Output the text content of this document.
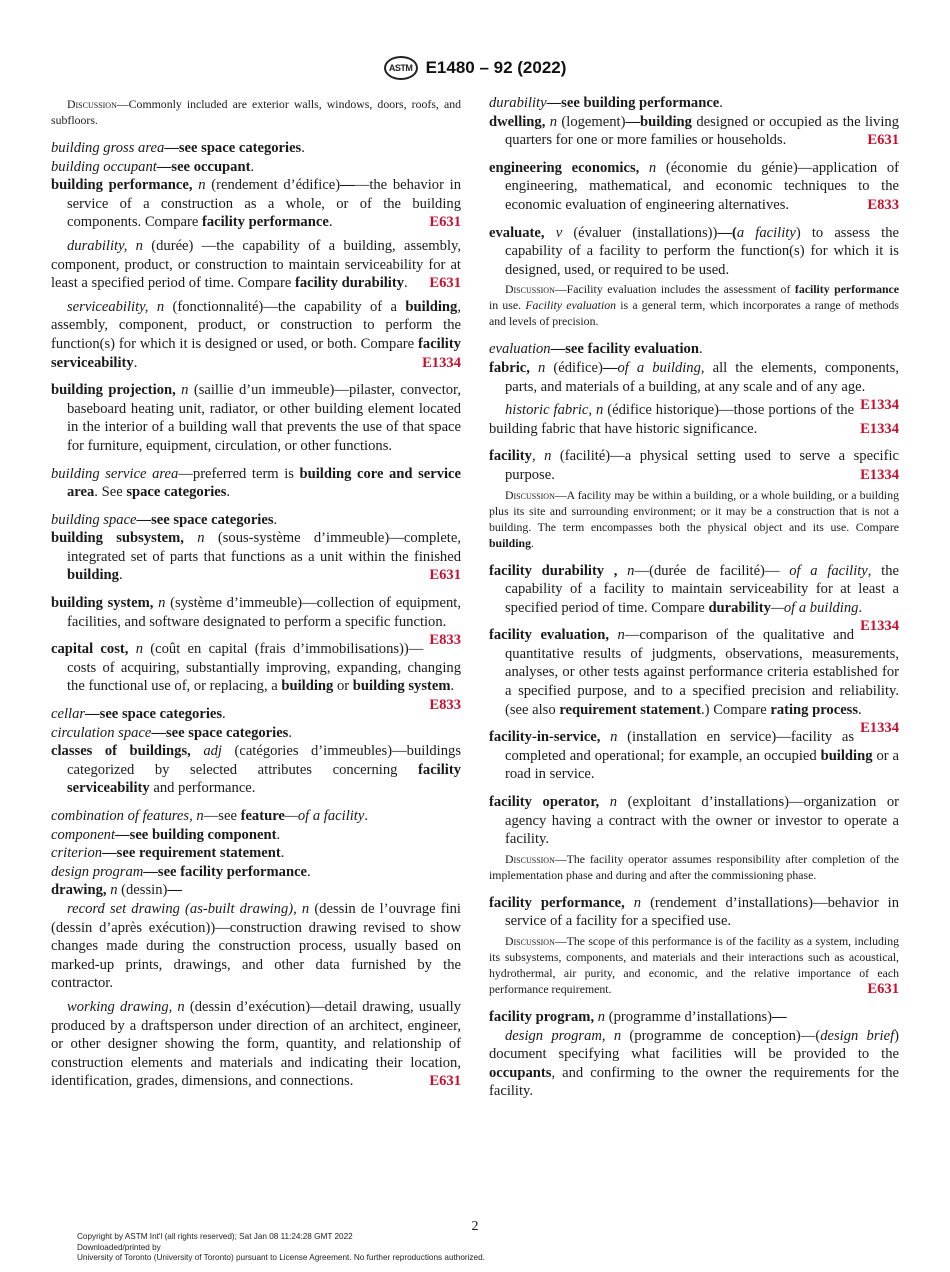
ASTM E1480 – 92 (2022)
Discussion—Commonly included are exterior walls, windows, doors, roofs, and subfloors.
building gross area—see space categories.
building occupant—see occupant.
building performance, n (rendement d’édifice)——the behavior in service of a construction as a whole, or of the building components. Compare facility performance.	E631
durability, n (durée) —the capability of a building, assembly, component, product, or construction to maintain serviceability for at least a specified period of time. Compare facility durability. E631
serviceability, n (fonctionnalité)—the capability of a building, assembly, component, product, or construction to perform the function(s) for which it is designed or used, or both. Compare facility serviceability.	E1334
building projection, n (saillie d’un immeuble)—pilaster, convector, baseboard heating unit, radiator, or other building element located in the interior of a building wall that prevents the use of that space for furniture, equipment, circulation, or other functions.
building service area—preferred term is building core and service area. See space categories.
building space—see space categories.
building subsystem, n (sous-système d’immeuble)—complete, integrated set of parts that functions as a unit within the finished building.	E631
building system, n (système d’immeuble)—collection of equipment, facilities, and software designated to perform a specific function.
E833
capital cost, n (coût en capital (frais d’immobilisations))—costs of acquiring, substantially improving, expanding, changing the functional use of, or replacing, a building or building system.
E833
cellar—see space categories.
circulation space—see space categories.
classes of buildings, adj (catégories d’immeubles)—buildings categorized by selected attributes concerning facility serviceability and performance.
combination of features, n—see feature—of a facility.
component—see building component.
criterion—see requirement statement.
design program—see facility performance.
drawing, n (dessin)—
record set drawing (as-built drawing), n (dessin de l’ouvrage fini (dessin d’après exécution))—construction drawing revised to show changes made during the construction process, usually based on marked-up prints, drawings, and other data furnished by the contractor.
working drawing, n (dessin d’exécution)—detail drawing, usually produced by a draftsperson under direction of an architect, engineer, or other designer showing the form, quantity, and relationship of construction elements and materials and indicating their location, identification, grades, dimensions, and connections.	E631
durability—see building performance.
dwelling, n (logement)—building designed or occupied as the living quarters for one or more families or households.	E631
engineering economics, n (économie du génie)—application of engineering, mathematical, and economic techniques to the economic evaluation of engineering alternatives.	E833
evaluate, v (évaluer (installations))—(a facility) to assess the capability of a facility to perform the function(s) for which it is designed, used, or required to be used.
Discussion—Facility evaluation includes the assessment of facility performance in use. Facility evaluation is a general term, which incorporates a range of methods and levels of precision.
evaluation—see facility evaluation.
fabric, n (édifice)—of a building, all the elements, components, parts, and materials of a building, at any scale and of any age.
E1334
historic fabric, n (édifice historique)—those portions of the building fabric that have historic significance.	E1334
facility, n (facilité)—a physical setting used to serve a specific purpose.	E1334
Discussion—A facility may be within a building, or a whole building, or a building plus its site and surrounding environment; or it may be a construction that is not a building. The term encompasses both the physical object and its use. Compare building.
facility durability , n—(durée de facilité)— of a facility, the capability of a facility to maintain serviceability for at least a specified period of time. Compare durability—of a building.
E1334
facility evaluation, n—comparison of the qualitative and quantitative results of judgments, observations, measurements, analyses, or other tests against performance criteria established for a specified purpose, and to a specified precision and reliability. (see also requirement statement.) Compare rating process.
E1334
facility-in-service, n (installation en service)—facility as completed and operational; for example, an occupied building or a road in service.
facility operator, n (exploitant d’installations)—organization or agency having a contract with the owner or investor to operate a facility.
Discussion—The facility operator assumes responsibility after completion of the implementation phase and during and after the commissioning phase.
facility performance, n (rendement d’installations)—behavior in service of a facility for a specified use.
Discussion—The scope of this performance is of the facility as a system, including its subsystems, components, and materials and their interactions such as acoustical, hydrothermal, air purity, and economic, and the relative importance of each performance requirement.	E631
facility program, n (programme d’installations)—
design program, n (programme de conception)—(design brief) document specifying what facilities will be provided to the occupants, and confirming to the owner the requirements for the facility.
2
Copyright by ASTM Int'l (all rights reserved); Sat Jan 08 11:24:28 GMT 2022
Downloaded/printed by
University of Toronto (University of Toronto) pursuant to License Agreement. No further reproductions authorized.
